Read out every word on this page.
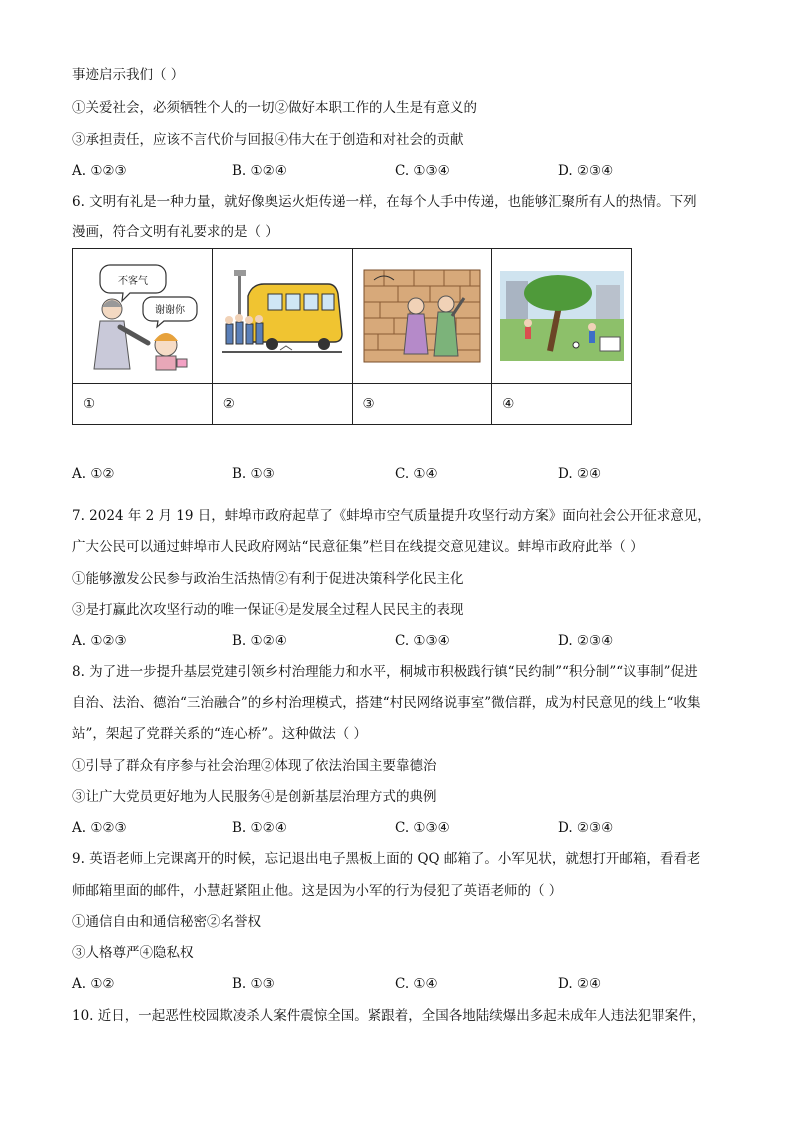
事迹启示我们（ ）
①关爱社会，必须牺牲个人的一切②做好本职工作的人生是有意义的
③承担责任，应该不言代价与回报④伟大在于创造和对社会的贡献
A. ①②③	B. ①②④	C. ①③④	D. ②③④
6. 文明有礼是一种力量，就好像奥运火炬传递一样，在每个人手中传递，也能够汇聚所有人的热情。下列
漫画，符合文明有礼要求的是（ ）
不客气
谢谢你

①	②	③	④
A. ①②	B. ①③	C. ①④	D. ②④
7. 2024 年 2 月 19 日，蚌埠市政府起草了《蚌埠市空气质量提升攻坚行动方案》面向社会公开征求意见，
广大公民可以通过蚌埠市人民政府网站“民意征集”栏目在线提交意见建议。蚌埠市政府此举（ ）
①能够激发公民参与政治生活热情②有利于促进决策科学化民主化
③是打赢此次攻坚行动的唯一保证④是发展全过程人民民主的表现
A. ①②③	B. ①②④	C. ①③④	D. ②③④
8. 为了进一步提升基层党建引领乡村治理能力和水平，桐城市积极践行镇“民约制”“积分制”“议事制”促进
自治、法治、德治“三治融合”的乡村治理模式，搭建“村民网络说事室”微信群，成为村民意见的线上“收集
站”，架起了党群关系的“连心桥”。这种做法（ ）
①引导了群众有序参与社会治理②体现了依法治国主要靠德治
③让广大党员更好地为人民服务④是创新基层治理方式的典例
A. ①②③	B. ①②④	C. ①③④	D. ②③④
9. 英语老师上完课离开的时候，忘记退出电子黑板上面的 QQ 邮箱了。小军见状，就想打开邮箱，看看老
师邮箱里面的邮件，小慧赶紧阻止他。这是因为小军的行为侵犯了英语老师的（ ）
①通信自由和通信秘密②名誉权
③人格尊严④隐私权
A. ①②	B. ①③	C. ①④	D. ②④
10. 近日，一起恶性校园欺凌杀人案件震惊全国。紧跟着，全国各地陆续爆出多起未成年人违法犯罪案件，
